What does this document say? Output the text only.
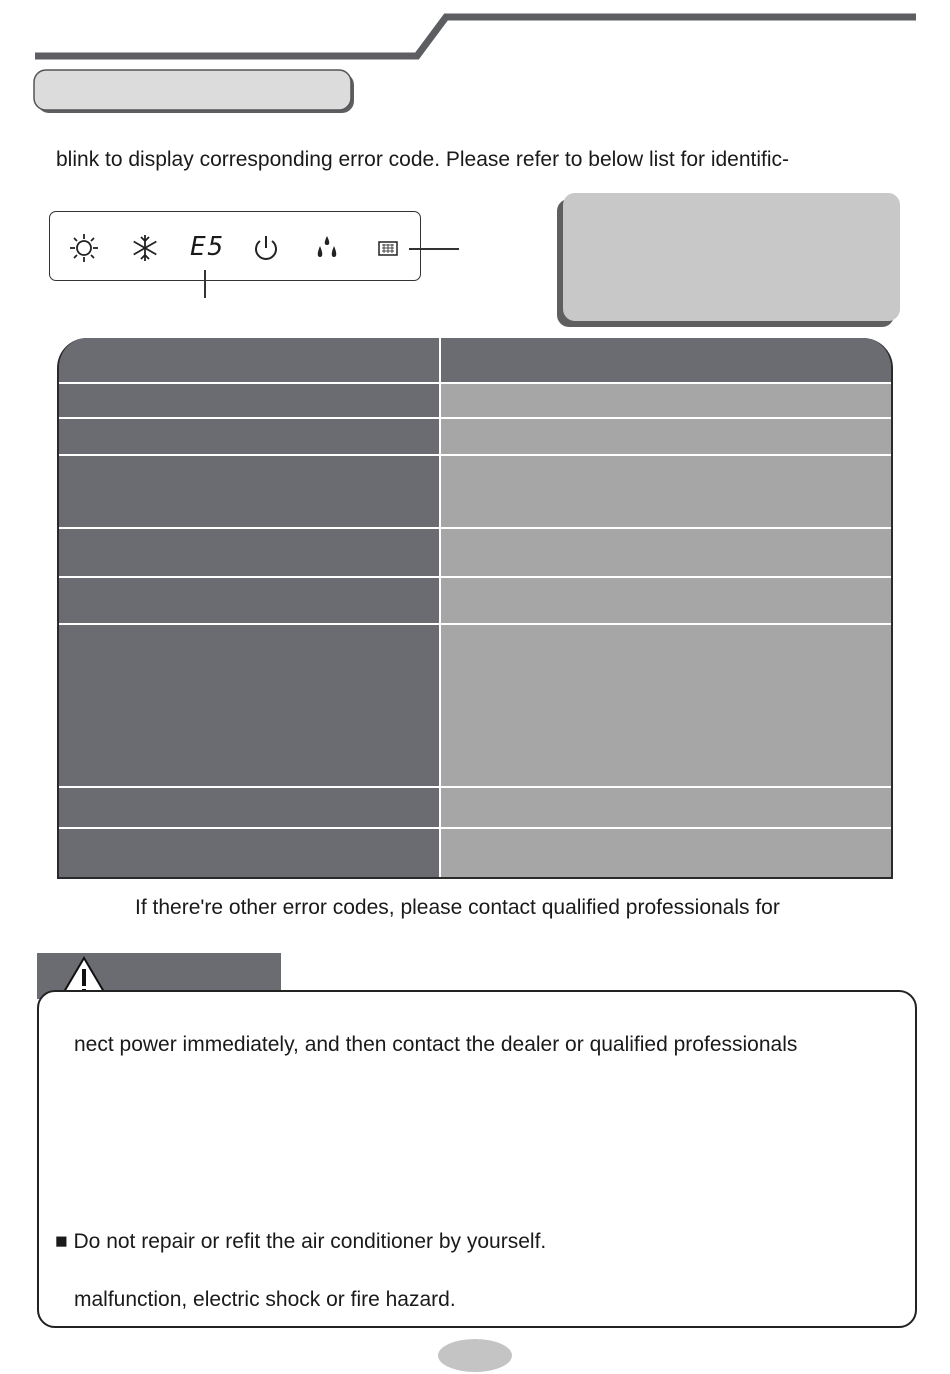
blink to display corresponding error code. Please refer to below list for identific-
E5
If there're other error codes, please contact qualified professionals for
nect power immediately, and then contact the dealer or qualified professionals
■ Do not repair or refit the air conditioner by yourself.
malfunction, electric shock or fire hazard.
